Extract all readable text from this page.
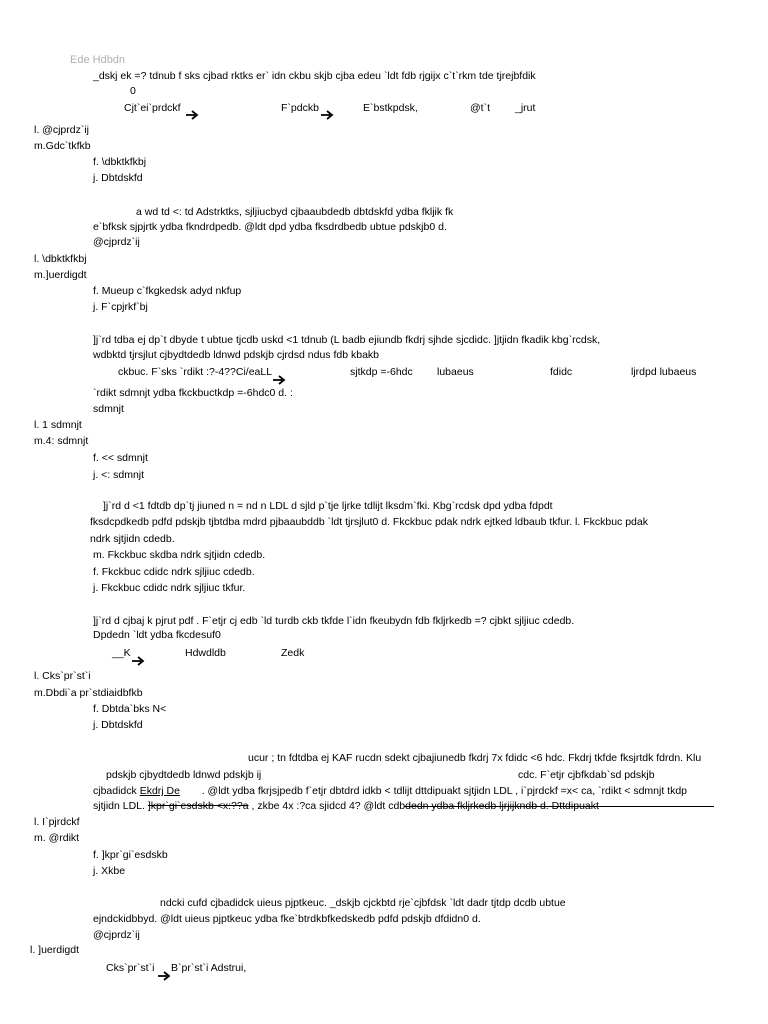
Ede Hdbdn
_dskj ek =? tdnub f sks cjbad rktks er` idn ckbu skjb cjba edeu `ldt fdb rjgijx c`t`rkm tde tjrejbfdik
0
Cjt`ei`prdckf	F`pdckb	E`bstkpdsk,	@t`t _jrut
l. @cjprdz`ij
m.Gdc`tkfkb
f. \dbktkfkbj
j. Dbtdskfd
a wd td <: td Adstrktks, sjljiucbyd cjbaaubdedb dbtdskfd ydba fkljik fk
e`bfksk sjpjrtk ydba fkndrdpedb. @ldt dpd ydba fksdrdbedb ubtue pdskjb0 d.
@cjprdz`ij
l. \dbktkfkbj
m.]uerdigdt
f. Mueup c`fkgkedsk adyd nkfup
j. F`cpjrkf`bj
]j`rd tdba ej dp`t dbyde t ubtue tjcdb uskd <1 tdnub (L badb ejiundb fkdrj sjhde sjcdidc. ]jtjidn fkadik kbg`rcdsk,
wdbktd tjrsjlut cjbydtdedb ldnwd pdskjb cjrdsd ndus fdb kbakb
ckbuc. F`sks `rdikt :?-4??Ci/eaLL	sjtkdp =-6hdc lubaeus	fdidc	ljrdpd lubaeus
`rdikt sdmnjt ydba fkckbuctkdp =-6hdc0 d. :
sdmnjt
l. 1 sdmnjt
m.4: sdmnjt
f. << sdmnjt
j. <: sdmnjt
]j`rd d <1 fdtdb dp`tj jiuned n = nd n LDL d sjld p`tje ljrke tdlijt lksdm`fki. Kbg`rcdsk dpd ydba fdpdt
fksdcpdkedb pdfd pdskjb tjbtdba mdrd pjbaaubddb `ldt tjrsjlut0 d. Fkckbuc pdak ndrk ejtked ldbaub tkfur. l. Fkckbuc pdak
ndrk sjtjidn cdedb.
m. Fkckbuc skdba ndrk sjtjidn cdedb.
f. Fkckbuc cdidc ndrk sjljiuc cdedb.
j. Fkckbuc cdidc ndrk sjljiuc tkfur.
]j`rd d cjbaj k pjrut pdf . F`etjr cj edb `ld turdb ckb tkfde l`idn fkeubydn fdb fkljrkedb =? cjbkt sjljiuc cdedb.
Dpdedn `ldt ydba fkcdesuf0
__K	Hdwdldb	Zedk
l. Cks`pr`st`i
m.Dbdi`a pr`stdiaidbfkb
f. Dbtda`bks N<
j. Dbtdskfd
ucur ; tn fdtdba ej KAF rucdn sdekt cjbajiunedb fkdrj 7x fdidc <6 hdc. Fkdrj tkfde fksjrtdk fdrdn. Klu
pdskjb cjbydtdedb ldnwd pdskjb ij	cdc. F`etjr cjbfkdab`sd pdskjb
cjbadidck Ekdrj De . @ldt ydba fkrjsjpedb f`etjr dbtdrd idkb < tdlijt dttdipuakt sjtjidn LDL , i`pjrdckf =x< ca, `rdikt < sdmnjt tkdp
sjtjidn LDL. ]kpr`gi`esdskb <x:??a , zkbe 4x :?ca sjidcd 4? @ldt cdbdedn ydba fkljrkedb ljrjijkndb d. Dttdipuakt
l. I`pjrdckf
m. @rdikt
f. ]kpr`gi`esdskb
j. Xkbe
ndcki cufd cjbadidck uieus pjptkeuc. _dskjb cjckbtd rje`cjbfdsk `ldt dadr tjtdp dcdb ubtue
ejndckidbbyd. @ldt uieus pjptkeuc ydba fke`btrdkbfkedskedb pdfd pdskjb dfdidn0 d.
@cjprdz`ij
l. ]uerdigdt
Cks`pr`st`i B`pr`st`i Adstrui,
